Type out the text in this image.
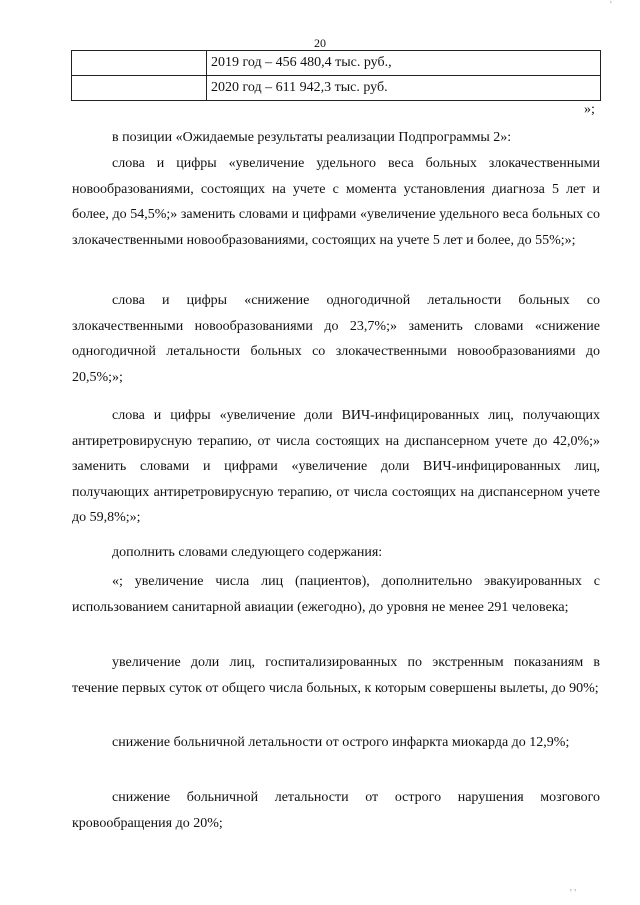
'
20
	2019 год – 456 480,4 тыс. руб.,
	2020 год – 611 942,3 тыс. руб.
»;

в позиции «Ожидаемые результаты реализации Подпрограммы 2»:

слова и цифры «увеличение удельного веса больных злокачественными новообразованиями, состоящих на учете с момента установления диагноза 5 лет и более, до 54,5%;» заменить словами и цифрами «увеличение удельного веса больных со злокачественными новообразованиями, состоящих на учете 5 лет и более, до 55%;»;

слова и цифры «снижение одногодичной летальности больных со злокачественными новообразованиями до 23,7%;» заменить словами «снижение одногодичной летальности больных со злокачественными новообразованиями до 20,5%;»;

слова и цифры «увеличение доли ВИЧ-инфицированных лиц, получающих антиретровирусную терапию, от числа состоящих на диспансерном учете до 42,0%;» заменить словами и цифрами «увеличение доли ВИЧ-инфицированных лиц, получающих антиретровирусную терапию, от числа состоящих на диспансерном учете до 59,8%;»;

дополнить словами следующего содержания:

«; увеличение числа лиц (пациентов), дополнительно эвакуированных с использованием санитарной авиации (ежегодно), до уровня не менее 291 человека;

увеличение доли лиц, госпитализированных по экстренным показаниям в течение первых суток от общего числа больных, к которым совершены вылеты, до 90%;

снижение больничной летальности от острого инфаркта миокарда до 12,9%;

снижение больничной летальности от острого нарушения мозгового кровообращения до 20%;

' '
